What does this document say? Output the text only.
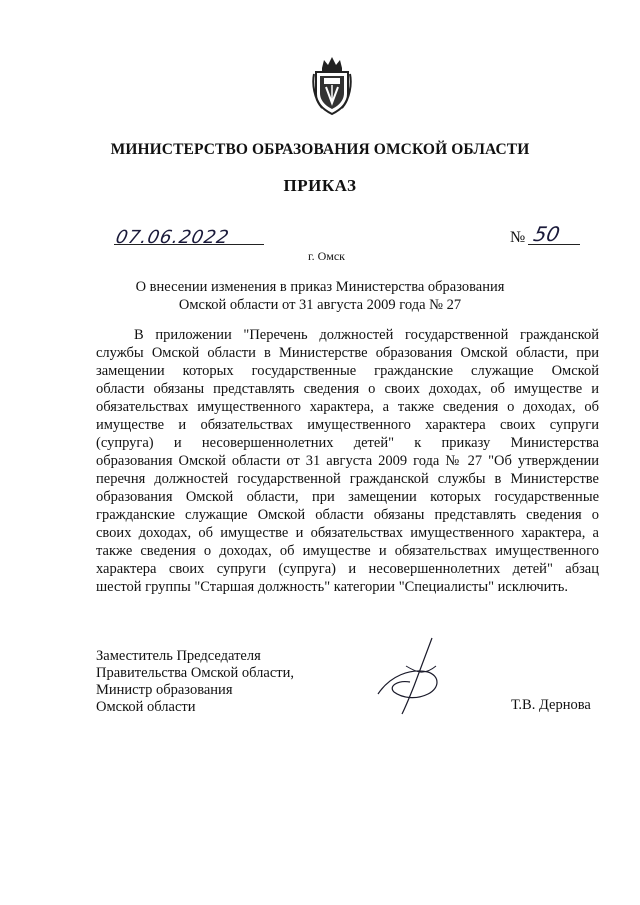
МИНИСТЕРСТВО ОБРАЗОВАНИЯ ОМСКОЙ ОБЛАСТИ
ПРИКАЗ
07.06.2022	№ 50
г. Омск
О внесении изменения в приказ Министерства образования
Омской области от 31 августа 2009 года № 27
В приложении "Перечень должностей государственной гражданской
службы Омской области в Министерстве образования Омской области, при
замещении которых государственные гражданские служащие Омской
области обязаны представлять сведения о своих доходах, об имуществе и
обязательствах имущественного характера, а также сведения о доходах, об
имуществе и обязательствах имущественного характера своих супруги
(супруга) и несовершеннолетних детей" к приказу Министерства
образования Омской области от 31 августа 2009 года № 27 "Об утверждении
перечня должностей государственной гражданской службы в Министерстве
образования Омской области, при замещении которых государственные
гражданские служащие Омской области обязаны представлять сведения о
своих доходах, об имуществе и обязательствах имущественного характера, а
также сведения о доходах, об имуществе и обязательствах имущественного
характера своих супруги (супруга) и несовершеннолетних детей" абзац
шестой группы "Старшая должность" категории "Специалисты" исключить.
Заместитель Председателя
Правительства Омской области,
Министр образования
Омской области	Т.В. Дернова
